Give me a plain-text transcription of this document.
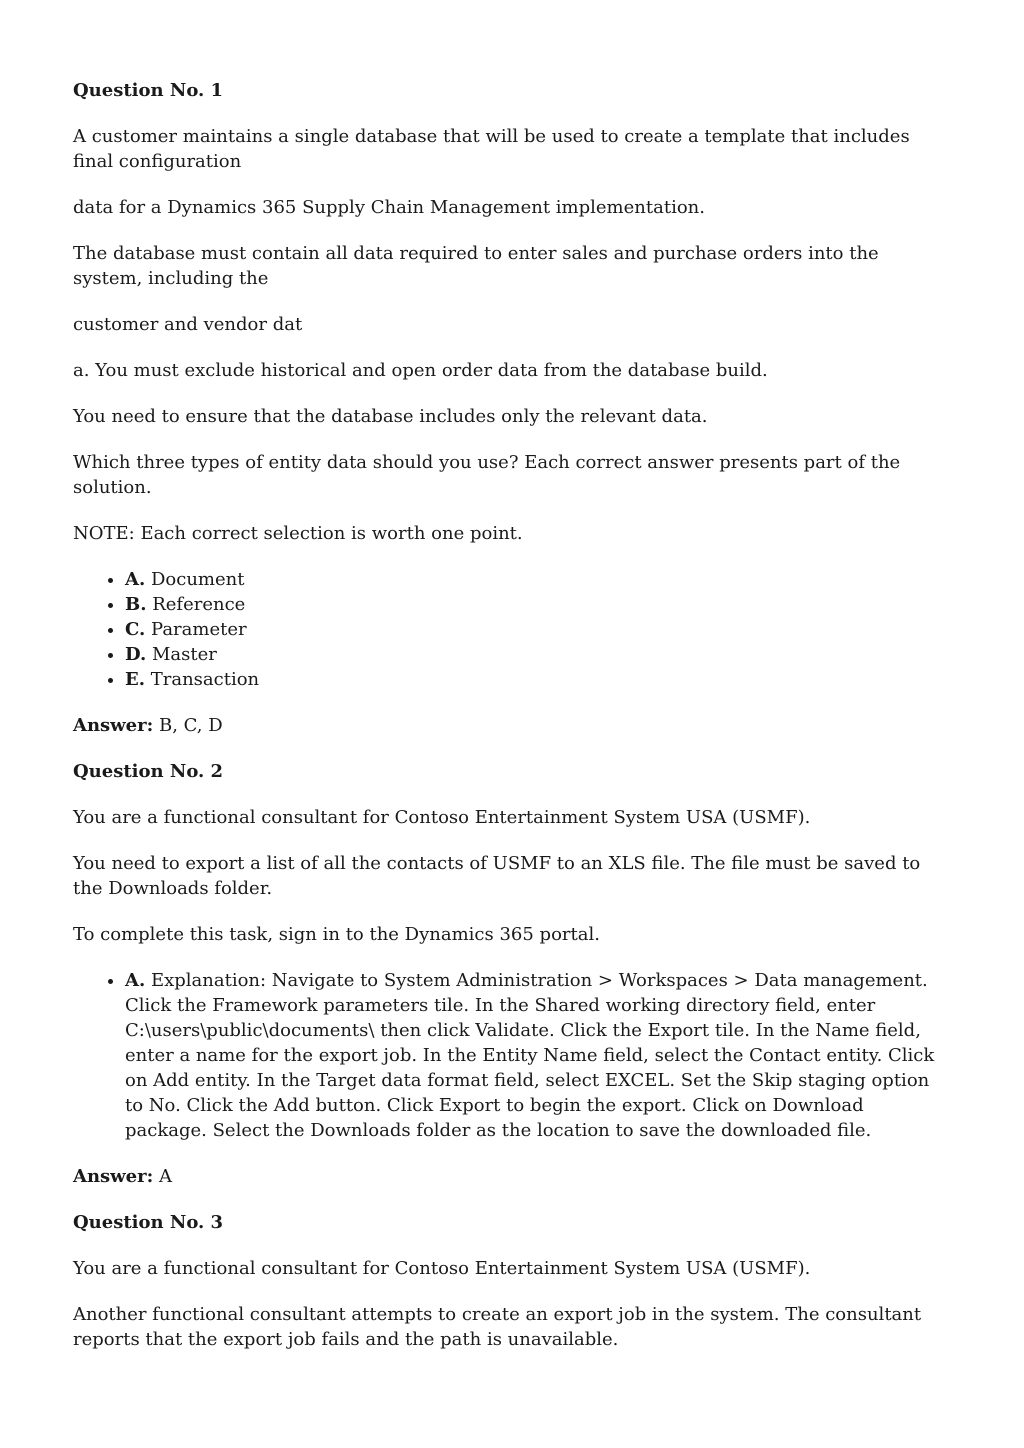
Question No. 1

A customer maintains a single database that will be used to create a template that includes final configuration

data for a Dynamics 365 Supply Chain Management implementation.

The database must contain all data required to enter sales and purchase orders into the system, including the

customer and vendor dat

a. You must exclude historical and open order data from the database build.

You need to ensure that the database includes only the relevant data.

Which three types of entity data should you use? Each correct answer presents part of the solution.

NOTE: Each correct selection is worth one point.

• A. Document
• B. Reference
• C. Parameter
• D. Master
• E. Transaction

Answer: B, C, D

Question No. 2

You are a functional consultant for Contoso Entertainment System USA (USMF).

You need to export a list of all the contacts of USMF to an XLS file. The file must be saved to the Downloads folder.

To complete this task, sign in to the Dynamics 365 portal.

• A. Explanation: Navigate to System Administration > Workspaces > Data management. Click the Framework parameters tile. In the Shared working directory field, enter C:\users\public\documents\ then click Validate. Click the Export tile. In the Name field, enter a name for the export job. In the Entity Name field, select the Contact entity. Click on Add entity. In the Target data format field, select EXCEL. Set the Skip staging option to No. Click the Add button. Click Export to begin the export. Click on Download package. Select the Downloads folder as the location to save the downloaded file.

Answer: A

Question No. 3

You are a functional consultant for Contoso Entertainment System USA (USMF).

Another functional consultant attempts to create an export job in the system. The consultant reports that the export job fails and the path is unavailable.
